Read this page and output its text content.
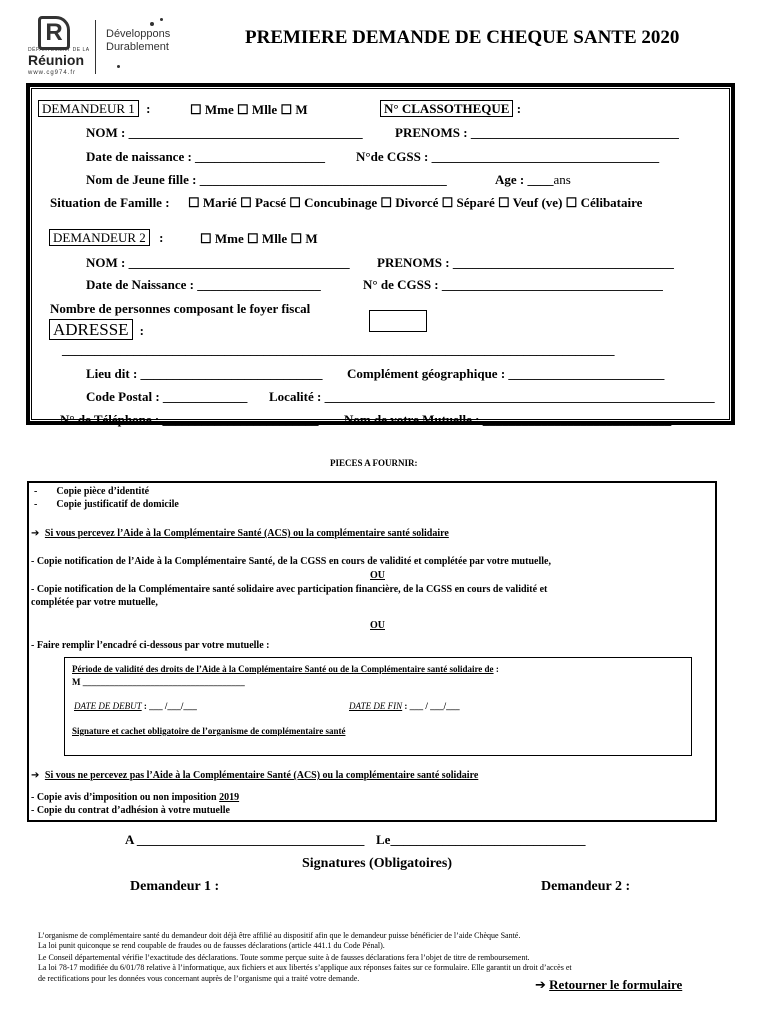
R
DÉPARTEMENT DE LA
Réunion
www.cg974.fr
Développons
Durablement	PREMIERE DEMANDE DE CHEQUE SANTE 2020
DEMANDEUR 1 :	☐ Mme ☐ Mlle ☐ M	N° CLASSOTHEQUE :
NOM : ____________________________________ PRENOMS : ________________________________
Date de naissance : ____________________ N°de CGSS : ___________________________________
Nom de Jeune fille : ______________________________________	Age : ____ans
Situation de Famille : ☐ Marié ☐ Pacsé ☐ Concubinage ☐ Divorcé ☐ Séparé ☐ Veuf (ve) ☐ Célibataire
DEMANDEUR 2 :	☐ Mme ☐ Mlle ☐ M
NOM : __________________________________ PRENOMS : __________________________________
Date de Naissance : ___________________	N° de CGSS : __________________________________
Nombre de personnes composant le foyer fiscal
ADRESSE :
_____________________________________________________________________________________
Lieu dit : ____________________________ Complément géographique : ________________________
Code Postal : _____________ Localité : ____________________________________________________________
N° de Téléphone : ________________________ Nom de votre Mutuelle : _____________________________
PIECES A FOURNIR:
- Copie pièce d’identité
- Copie justificatif de domicile
➔ Si vous percevez l’Aide à la Complémentaire Santé (ACS) ou la complémentaire santé solidaire
- Copie notification de l’Aide à la Complémentaire Santé, de la CGSS en cours de validité et complétée par votre mutuelle,
OU
- Copie notification de la Complémentaire santé solidaire avec participation financière, de la CGSS en cours de validité et
complétée par votre mutuelle,
OU
- Faire remplir l’encadré ci-dessous par votre mutuelle :
Période de validité des droits de l’Aide à la Complémentaire Santé ou de la Complémentaire santé solidaire de :
M ____________________________________
DATE DE DEBUT : ___ /___/___	DATE DE FIN : ___ / ___/___
Signature et cachet obligatoire de l’organisme de complémentaire santé
➔ Si vous ne percevez pas l’Aide à la Complémentaire Santé (ACS) ou la complémentaire santé solidaire
- Copie avis d’imposition ou non imposition 2019
- Copie du contrat d’adhésion à votre mutuelle
A ___________________________________ Le______________________________
Signatures (Obligatoires)
Demandeur 1 :	Demandeur 2 :
L’organisme de complémentaire santé du demandeur doit déjà être affilié au dispositif afin que le demandeur puisse bénéficier de l’aide Chèque Santé.
La loi punit quiconque se rend coupable de fraudes ou de fausses déclarations (article 441.1 du Code Pénal).
Le Conseil départemental vérifie l’exactitude des déclarations. Toute somme perçue suite à de fausses déclarations fera l’objet de titre de remboursement.
La loi 78-17 modifiée du 6/01/78 relative à l’informatique, aux fichiers et aux libertés s’applique aux réponses faites sur ce formulaire. Elle garantit un droit d’accès et
de rectifications pour les données vous concernant auprès de l’organisme qui a traité votre demande.	➔ Retourner le formulaire
